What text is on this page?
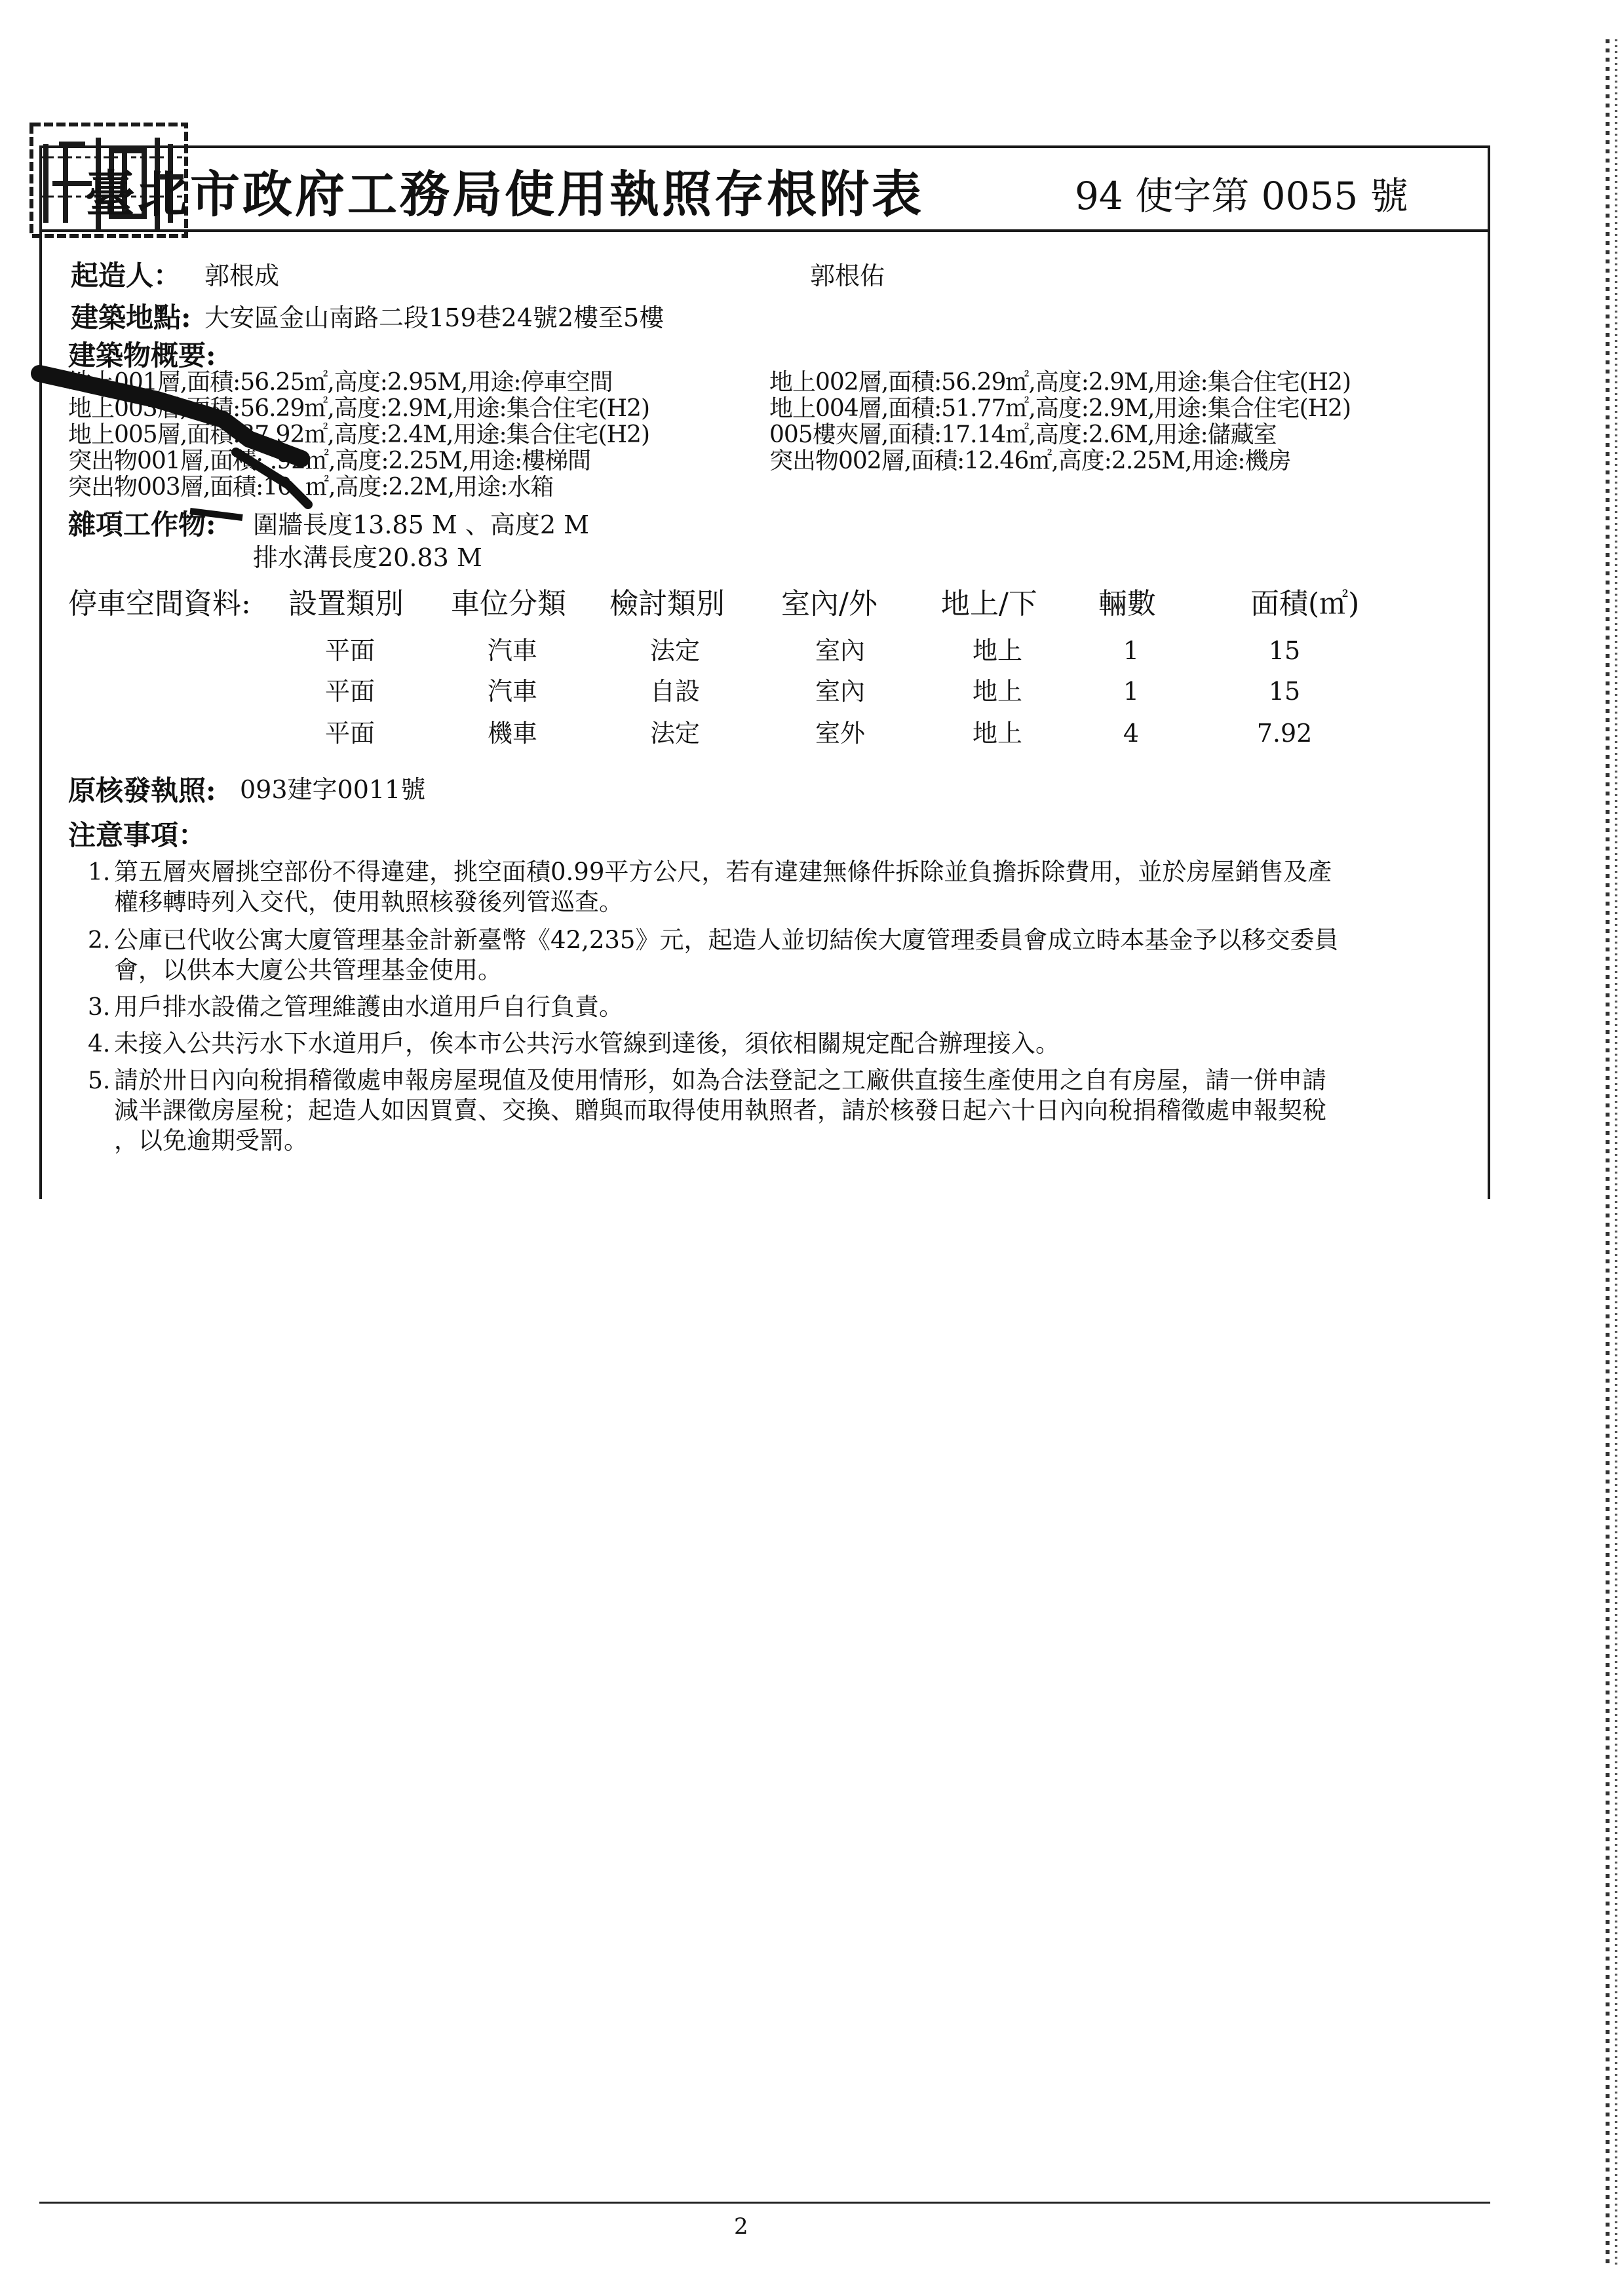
臺北市政府工務局使用執照存根附表	94 使字第 0055 號
起造人： 郭根成	郭根佑
建築地點: 大安區金山南路二段159巷24號2樓至5樓
建築物概要:
地上001層,面積:56.25㎡,高度:2.95M,用途:停車空間
地上003層,面積:56.29㎡,高度:2.9M,用途:集合住宅(H2)
地上005層,面積:37.92㎡,高度:2.4M,用途:集合住宅(H2)
突出物001層,面積: .92㎡,高度:2.25M,用途:樓梯間
突出物003層,面積:10. ㎡,高度:2.2M,用途:水箱
地上002層,面積:56.29㎡,高度:2.9M,用途:集合住宅(H2)
地上004層,面積:51.77㎡,高度:2.9M,用途:集合住宅(H2)
005樓夾層,面積:17.14㎡,高度:2.6M,用途:儲藏室
突出物002層,面積:12.46㎡,高度:2.25M,用途:機房
雜項工作物: 圍牆長度13.85 M 、高度2 M
排水溝長度20.83 M
停車空間資料: 設置類別 車位分類 檢討類別 室內/外 地上/下 輛數	面積(㎡)
平面	汽車	法定	室內	地上	1	15
平面	汽車	自設	室內	地上	1	15
平面	機車	法定	室外	地上	4	7.92
原核發執照: 093建字0011號
注意事項：
1. 第五層夾層挑空部份不得違建，挑空面積0.99平方公尺，若有違建無條件拆除並負擔拆除費用，並於房屋銷售及產
權移轉時列入交代，使用執照核發後列管巡查。
2. 公庫已代收公寓大廈管理基金計新臺幣《42,235》元，起造人並切結俟大廈管理委員會成立時本基金予以移交委員
會，以供本大廈公共管理基金使用。
3. 用戶排水設備之管理維護由水道用戶自行負責。
4. 未接入公共污水下水道用戶，俟本市公共污水管線到達後，須依相關規定配合辦理接入。
5. 請於卅日內向稅捐稽徵處申報房屋現值及使用情形，如為合法登記之工廠供直接生產使用之自有房屋，請一併申請
減半課徵房屋稅；起造人如因買賣、交換、贈與而取得使用執照者，請於核發日起六十日內向稅捐稽徵處申報契稅
，以免逾期受罰。
2
